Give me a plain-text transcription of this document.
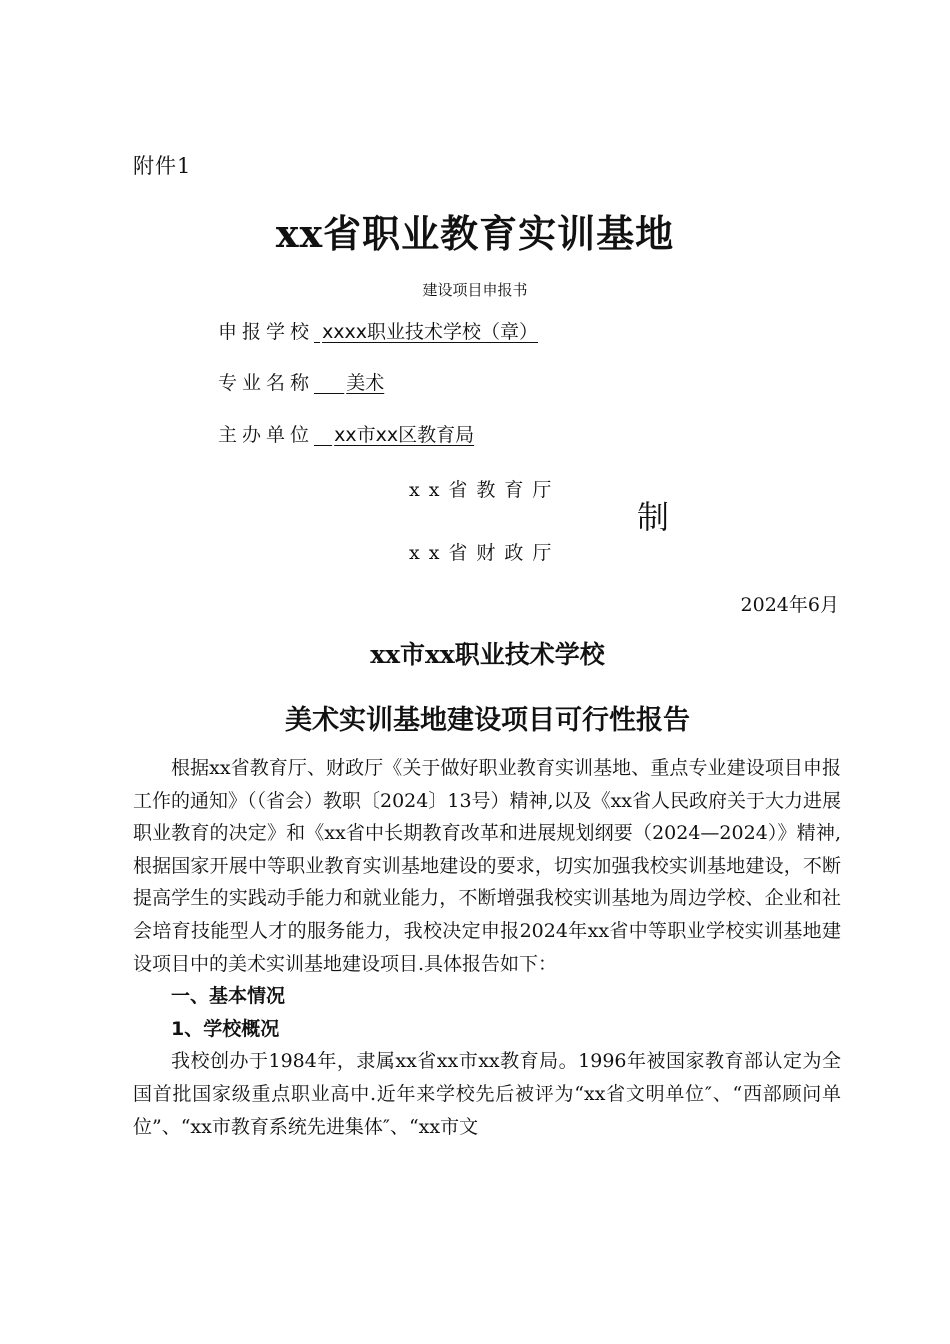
附件1
xx省职业教育实训基地
建设项目申报书
申报学校 xxxx职业技术学校（章）
专业名称 美术
主办单位 xx市xx区教育局
xx省教育厅
制
xx省财政厅
2024年6月
xx市xx职业技术学校
美术实训基地建设项目可行性报告

根据xx省教育厅、财政厅《关于做好职业教育实训基地、重点专业建设项目申报工作的通知》（（省会）教职〔2024〕13号）精神,以及《xx省人民政府关于大力进展职业教育的决定》和《xx省中长期教育改革和进展规划纲要（2024—2024）》精神,根据国家开展中等职业教育实训基地建设的要求，切实加强我校实训基地建设，不断提高学生的实践动手能力和就业能力，不断增强我校实训基地为周边学校、企业和社会培育技能型人才的服务能力，我校决定申报2024年xx省中等职业学校实训基地建设项目中的美术实训基地建设项目.具体报告如下：

一、基本情况

1、学校概况

我校创办于1984年，隶属xx省xx市xx教育局。1996年被国家教育部认定为全国首批国家级重点职业高中.近年来学校先后被评为“xx省文明单位″、“西部顾问单位”、“xx市教育系统先进集体″、“xx市文
